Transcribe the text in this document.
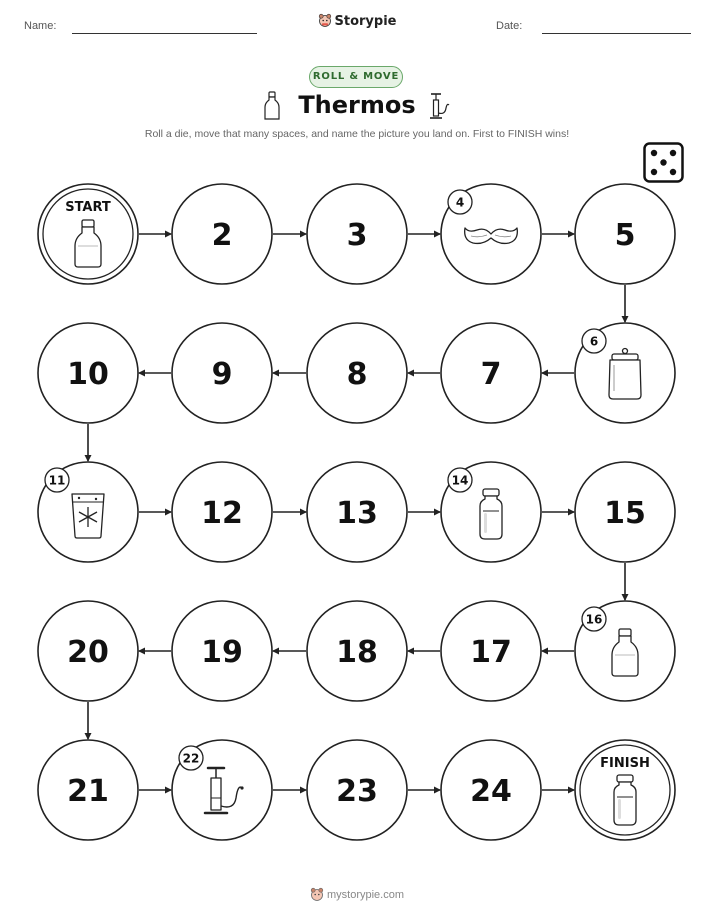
Name:	Storypie	Date:
ROLL & MOVE
Thermos
Roll a die, move that many spaces, and name the picture you land on. First to FINISH wins!
START
2	3
4
5
6
7
8
9
10
11
12	13
14
15
16
17
18
19
20
21
22
23	24
FINISH
mystorypie.com
